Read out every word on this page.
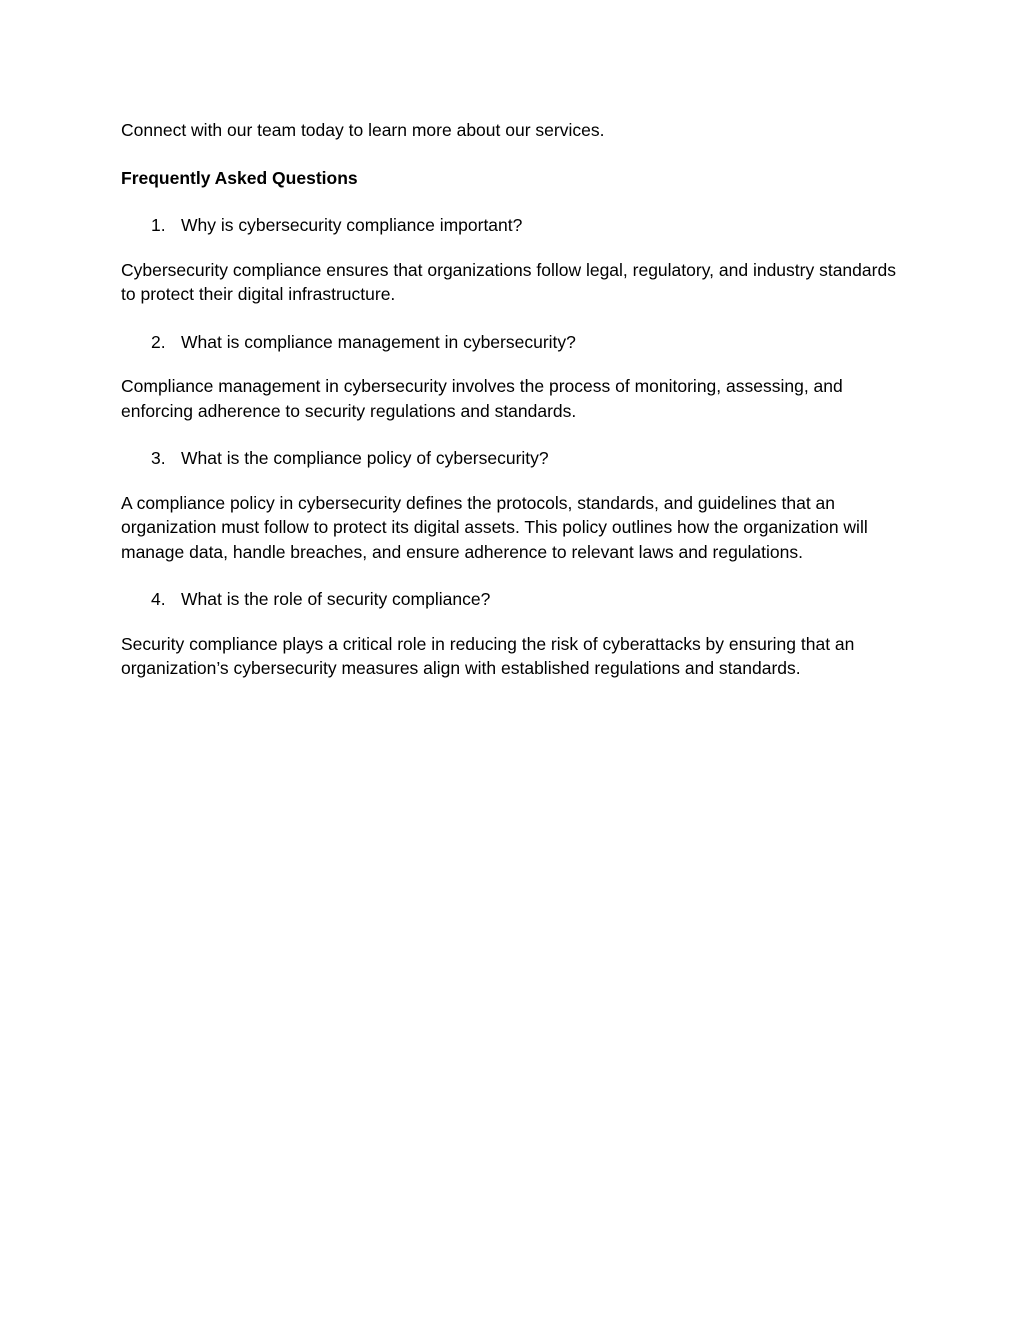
Connect with our team today to learn more about our services.

Frequently Asked Questions

1. Why is cybersecurity compliance important?

Cybersecurity compliance ensures that organizations follow legal, regulatory, and industry standards to protect their digital infrastructure.

2. What is compliance management in cybersecurity?

Compliance management in cybersecurity involves the process of monitoring, assessing, and enforcing adherence to security regulations and standards.

3. What is the compliance policy of cybersecurity?

A compliance policy in cybersecurity defines the protocols, standards, and guidelines that an organization must follow to protect its digital assets. This policy outlines how the organization will manage data, handle breaches, and ensure adherence to relevant laws and regulations.

4. What is the role of security compliance?

Security compliance plays a critical role in reducing the risk of cyberattacks by ensuring that an organization’s cybersecurity measures align with established regulations and standards.
